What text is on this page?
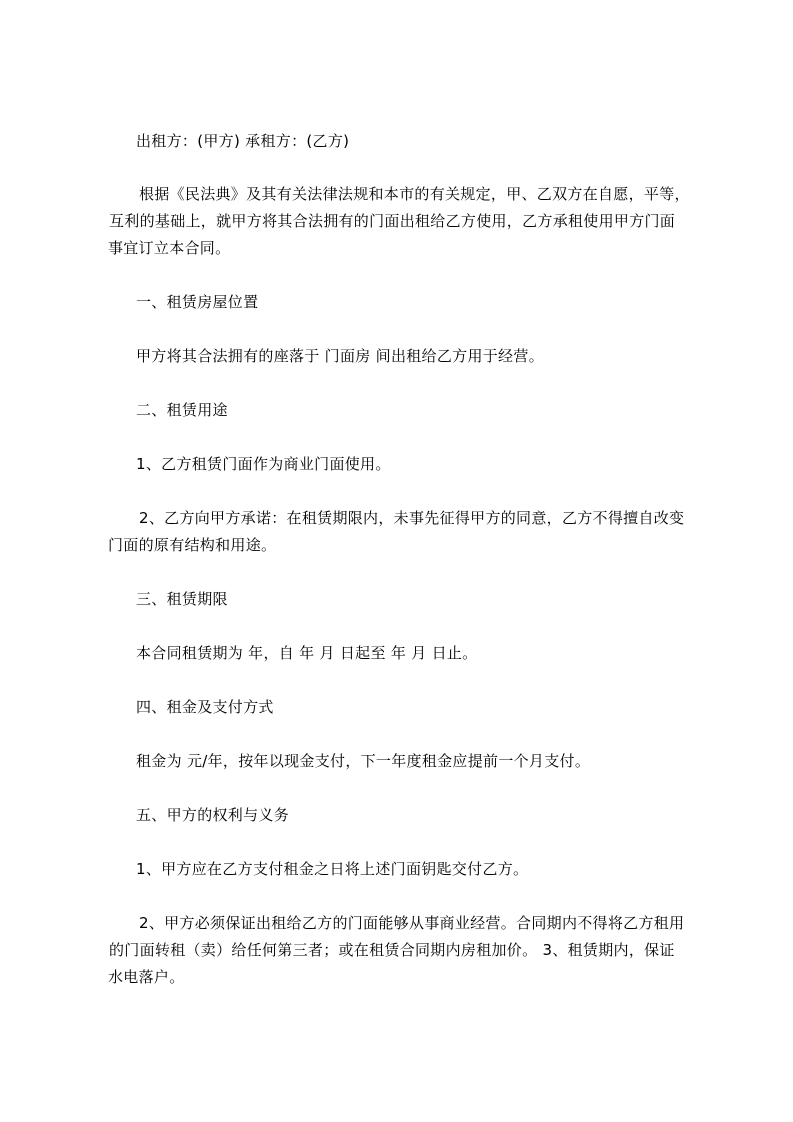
出租方：(甲方) 承租方：(乙方)
根据《民法典》及其有关法律法规和本市的有关规定，甲、乙双方在自愿，平等，
互利的基础上，就甲方将其合法拥有的门面出租给乙方使用，乙方承租使用甲方门面
事宜订立本合同。
一、租赁房屋位置
甲方将其合法拥有的座落于 门面房 间出租给乙方用于经营。
二、租赁用途
1、乙方租赁门面作为商业门面使用。
2、乙方向甲方承诺：在租赁期限内，未事先征得甲方的同意，乙方不得擅自改变
门面的原有结构和用途。
三、租赁期限
本合同租赁期为 年，自 年 月 日起至 年 月 日止。
四、租金及支付方式
租金为 元/年，按年以现金支付，下一年度租金应提前一个月支付。
五、甲方的权利与义务
1、甲方应在乙方支付租金之日将上述门面钥匙交付乙方。
2、甲方必须保证出租给乙方的门面能够从事商业经营。合同期内不得将乙方租用
的门面转租（卖）给任何第三者；或在租赁合同期内房租加价。 3、租赁期内，保证
水电落户。
